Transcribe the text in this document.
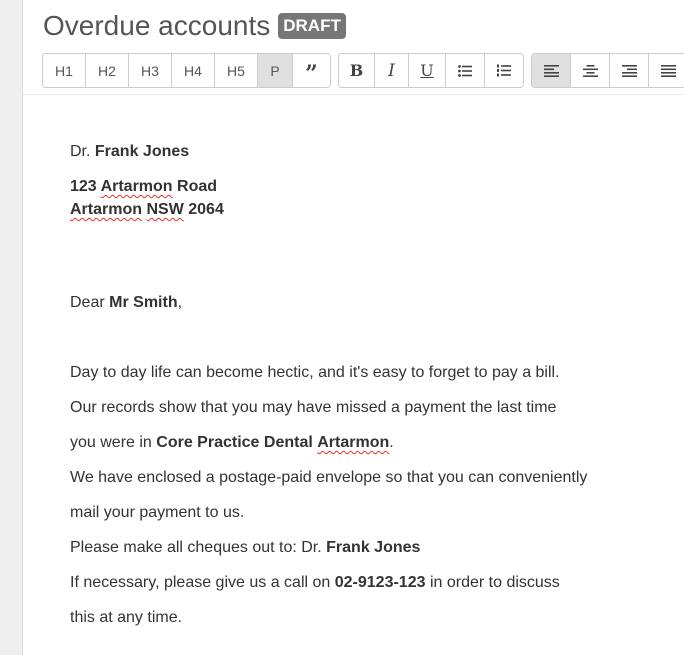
Overdue accounts DRAFT
H1	H2	H3	H4	H5	P	”	B	I	U
Dr. Frank Jones
123 Artarmon Road
Artarmon NSW 2064
Dear Mr Smith,
Day to day life can become hectic, and it's easy to forget to pay a bill.
Our records show that you may have missed a payment the last time
you were in Core Practice Dental Artarmon.
We have enclosed a postage-paid envelope so that you can conveniently
mail your payment to us.
Please make all cheques out to: Dr. Frank Jones
If necessary, please give us a call on 02-9123-123 in order to discuss
this at any time.
